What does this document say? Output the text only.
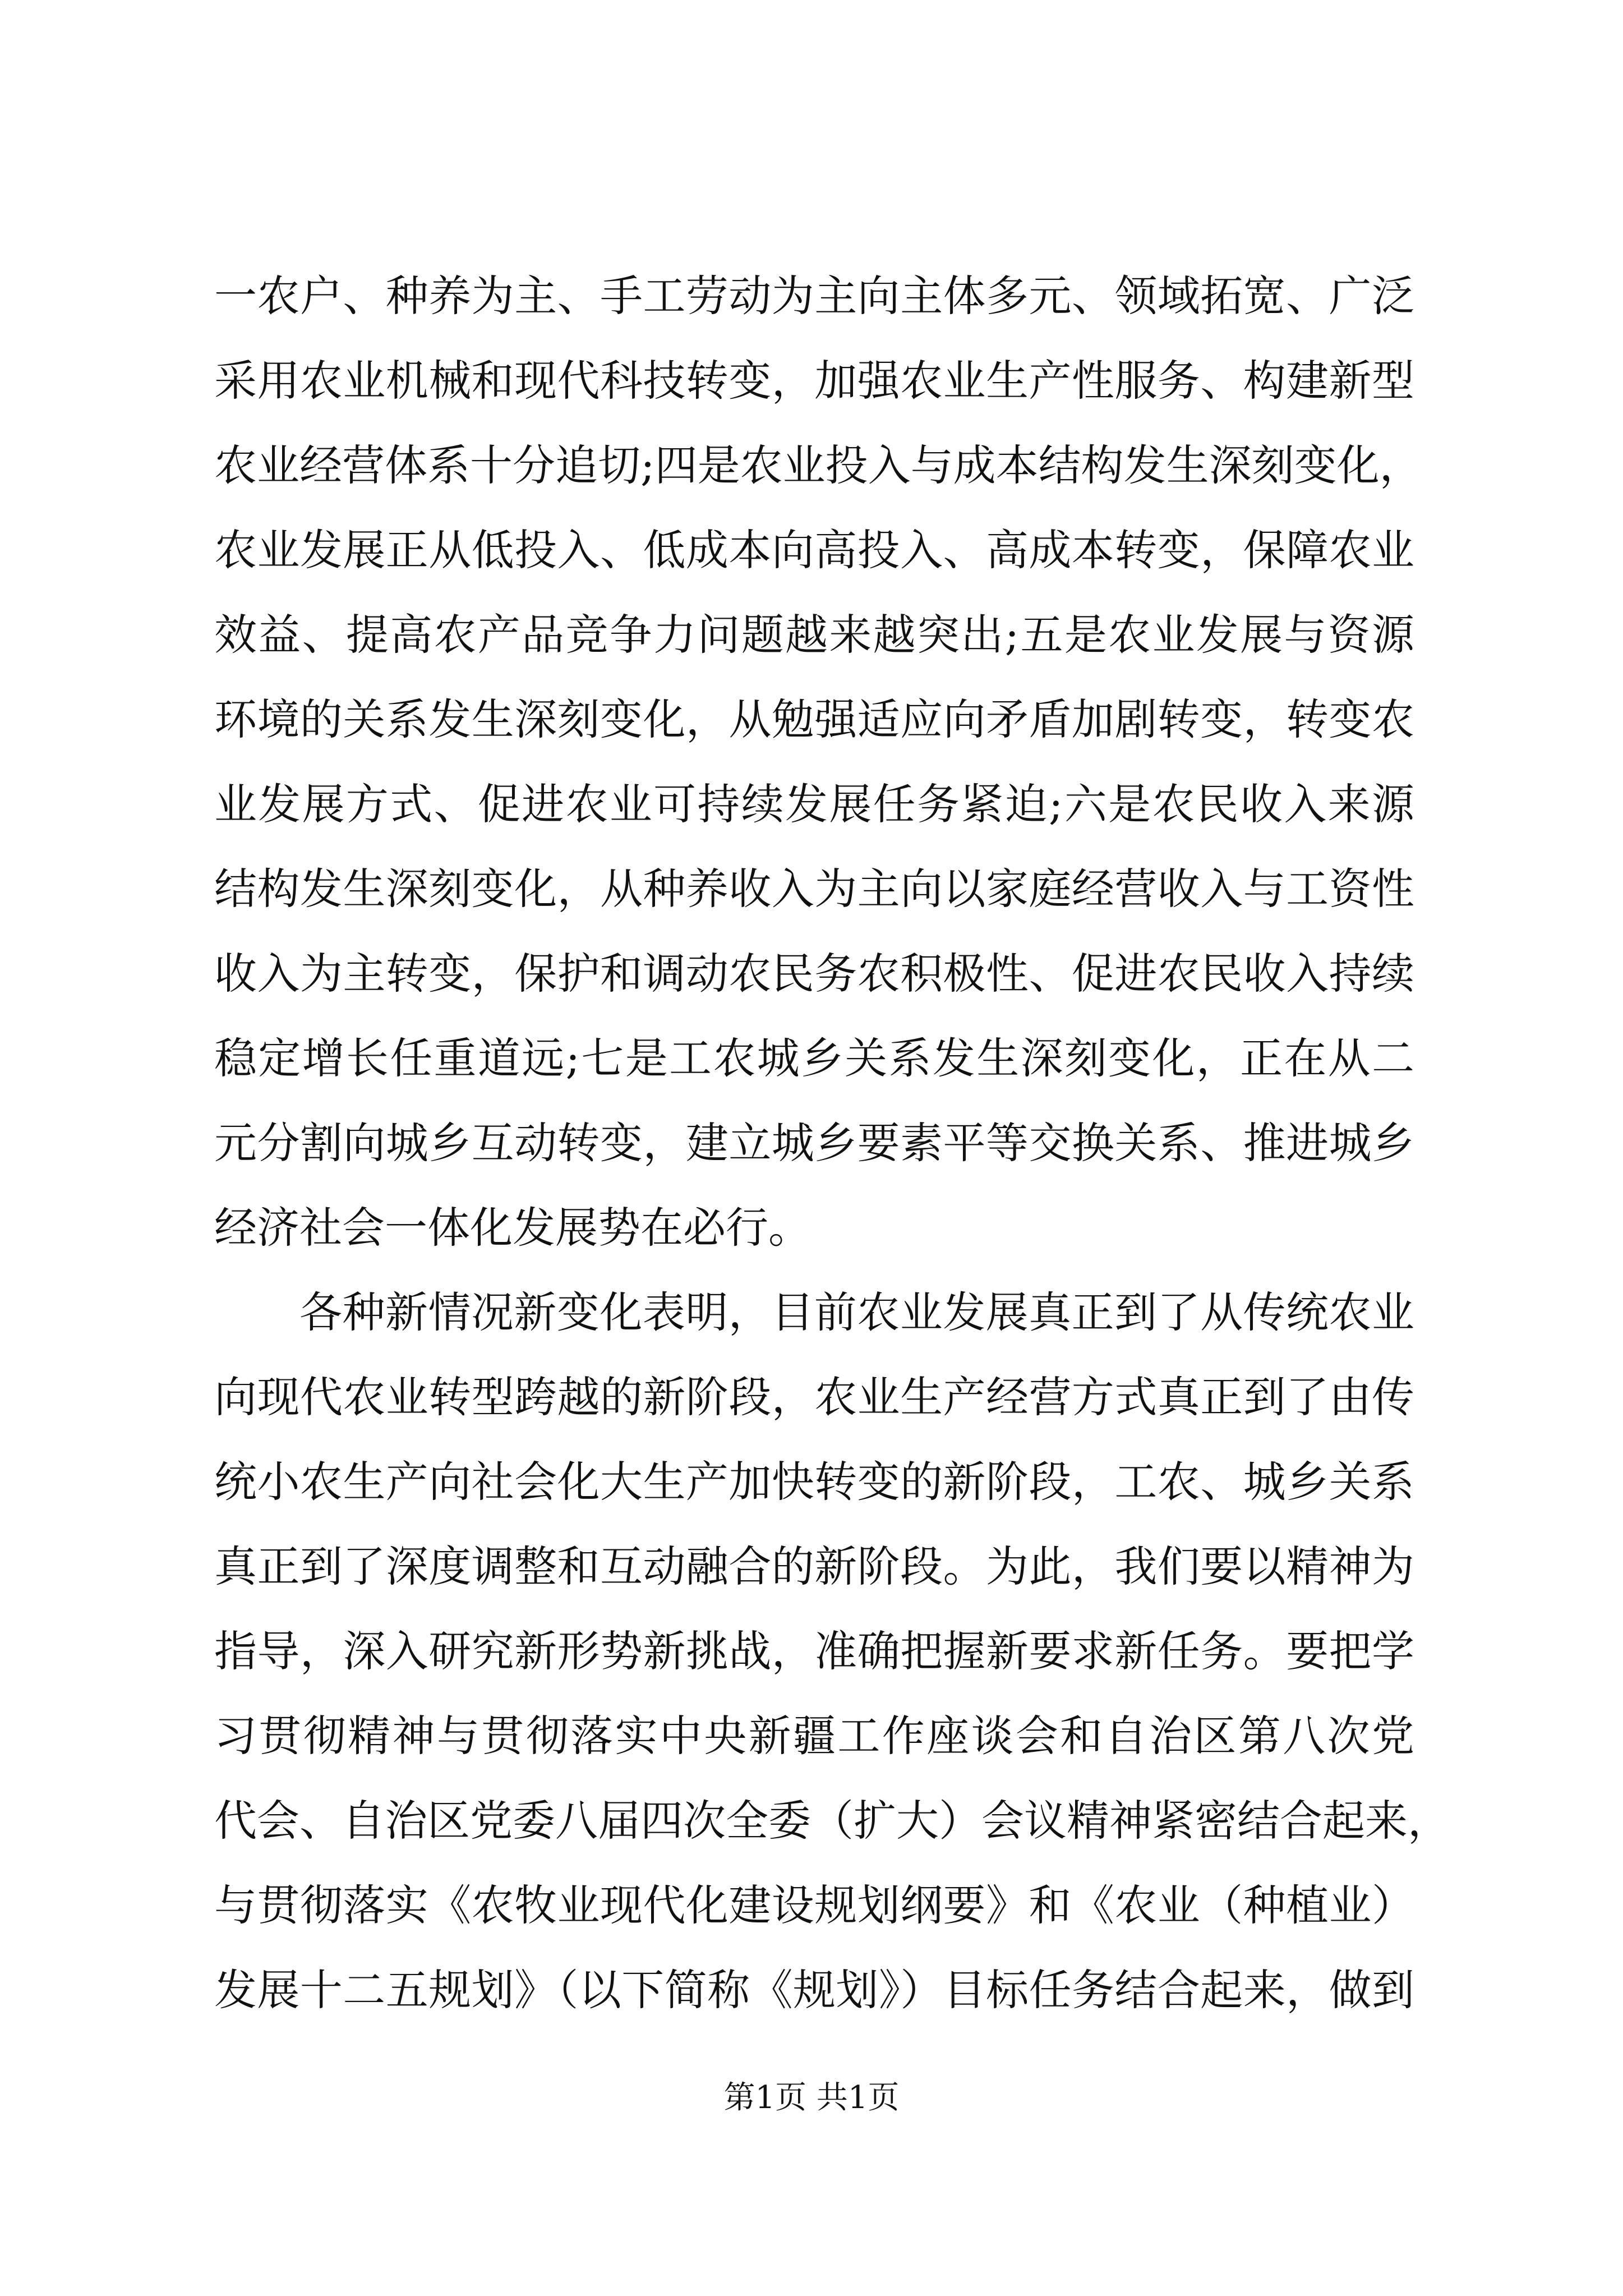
一农户、种养为主、手工劳动为主向主体多元、领域拓宽、广泛
采用农业机械和现代科技转变，加强农业生产性服务、构建新型
农业经营体系十分追切;四是农业投入与成本结构发生深刻变化，
农业发展正从低投入、低成本向高投入、高成本转变，保障农业
效益、提高农产品竞争力问题越来越突出;五是农业发展与资源
环境的关系发生深刻变化，从勉强适应向矛盾加剧转变，转变农
业发展方式、促进农业可持续发展任务紧迫;六是农民收入来源
结构发生深刻变化，从种养收入为主向以家庭经营收入与工资性
收入为主转变，保护和调动农民务农积极性、促进农民收入持续
稳定增长任重道远;七是工农城乡关系发生深刻变化，正在从二
元分割向城乡互动转变，建立城乡要素平等交换关系、推进城乡
经济社会一体化发展势在必行。
各种新情况新变化表明，目前农业发展真正到了从传统农业
向现代农业转型跨越的新阶段，农业生产经营方式真正到了由传
统小农生产向社会化大生产加快转变的新阶段，工农、城乡关系
真正到了深度调整和互动融合的新阶段。为此，我们要以精神为
指导，深入研究新形势新挑战，准确把握新要求新任务。要把学
习贯彻精神与贯彻落实中央新疆工作座谈会和自治区第八次党
代会、自治区党委八届四次全委（扩大）会议精神紧密结合起来，
与贯彻落实《农牧业现代化建设规划纲要》和《农业（种植业）
发展十二五规划》（以下简称《规划》）目标任务结合起来，做到
第1页 共1页
